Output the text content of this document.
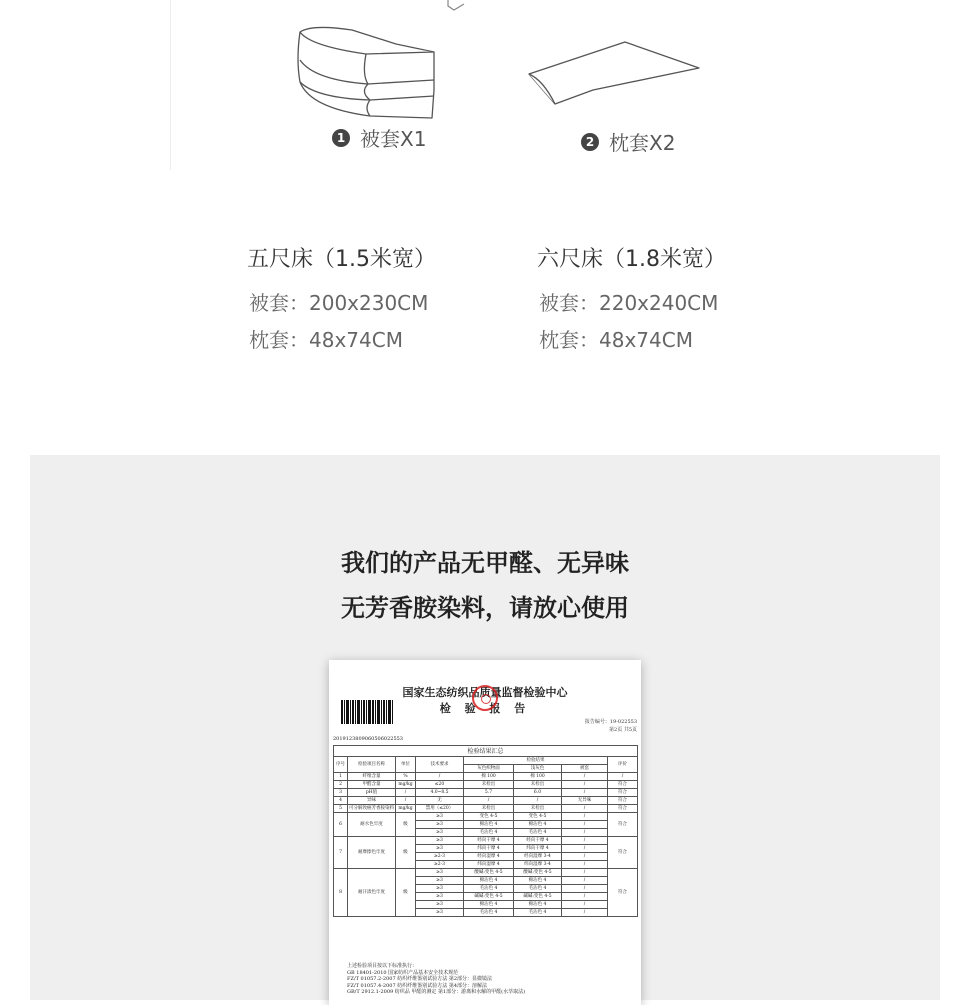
1 被套X1	2 枕套X2
五尺床（1.5米宽）
被套：200x230CM
枕套：48x74CM
六尺床（1.8米宽）
被套：220x240CM
枕套：48x74CM
我们的产品无甲醛、无异味
无芳香胺染料，请放心使用
2019123809060506022553
国家生态纺织品质量监督检验中心
检 验 报 告
报告编号：19-022553
第2页 共5页
检验结果汇总							
序号	检验项目名称	单位	技术要求	检验结果			评价
				灰色织物面	浅灰色	被套	
1	纤维含量	%	/	棉 100	棉 100	/	/
2	甲醛含量	mg/kg	≤20	未检出	未检出	/	符合
3	pH值	/	4.0~8.5	5.7	6.0	/	符合
4	异味	/	无	/	/	无异味	符合
5	可分解致癌芳香胺染料	mg/kg	禁用（≤20）	未检出	未检出	/	符合
6	耐水色牢度	级	≥3	变色 4-5	变色 4-5	/	符合
			≥3	棉沾色 4	棉沾色 4	/	
			≥3	毛沾色 4	毛沾色 4	/	
7	耐摩擦色牢度	级	≥3	经向干摩 4	经向干摩 4	/	符合
			≥3	纬向干摩 4	纬向干摩 4	/	
			≥2-3	经向湿摩 4	经向湿摩 3-4	/	
			≥2-3	纬向湿摩 4	纬向湿摩 3-4	/	
8	耐汗渍色牢度	级	≥3	酸碱:变色 4-5	酸碱:变色 4-5	/	符合
			≥3	棉沾色 4	棉沾色 4	/	
			≥3	毛沾色 4	毛沾色 4	/	
			≥3	碱碱:变色 4-5	碱碱:变色 4-5	/	
			≥3	棉沾色 4	棉沾色 4	/	
			≥3	毛沾色 4	毛沾色 4	/	
上述检验项目按以下标准执行：
GB 18401-2010 国家纺织产品基本安全技术规范
FZ/T 01057.2-2007 纺织纤维鉴别试验方法 第2部分：显微镜法
FZ/T 01057.4-2007 纺织纤维鉴别试验方法 第4部分：溶解法
GB/T 2912.1-2009 纺织品 甲醛的测定 第1部分：游离和水解的甲醛(水萃取法)
